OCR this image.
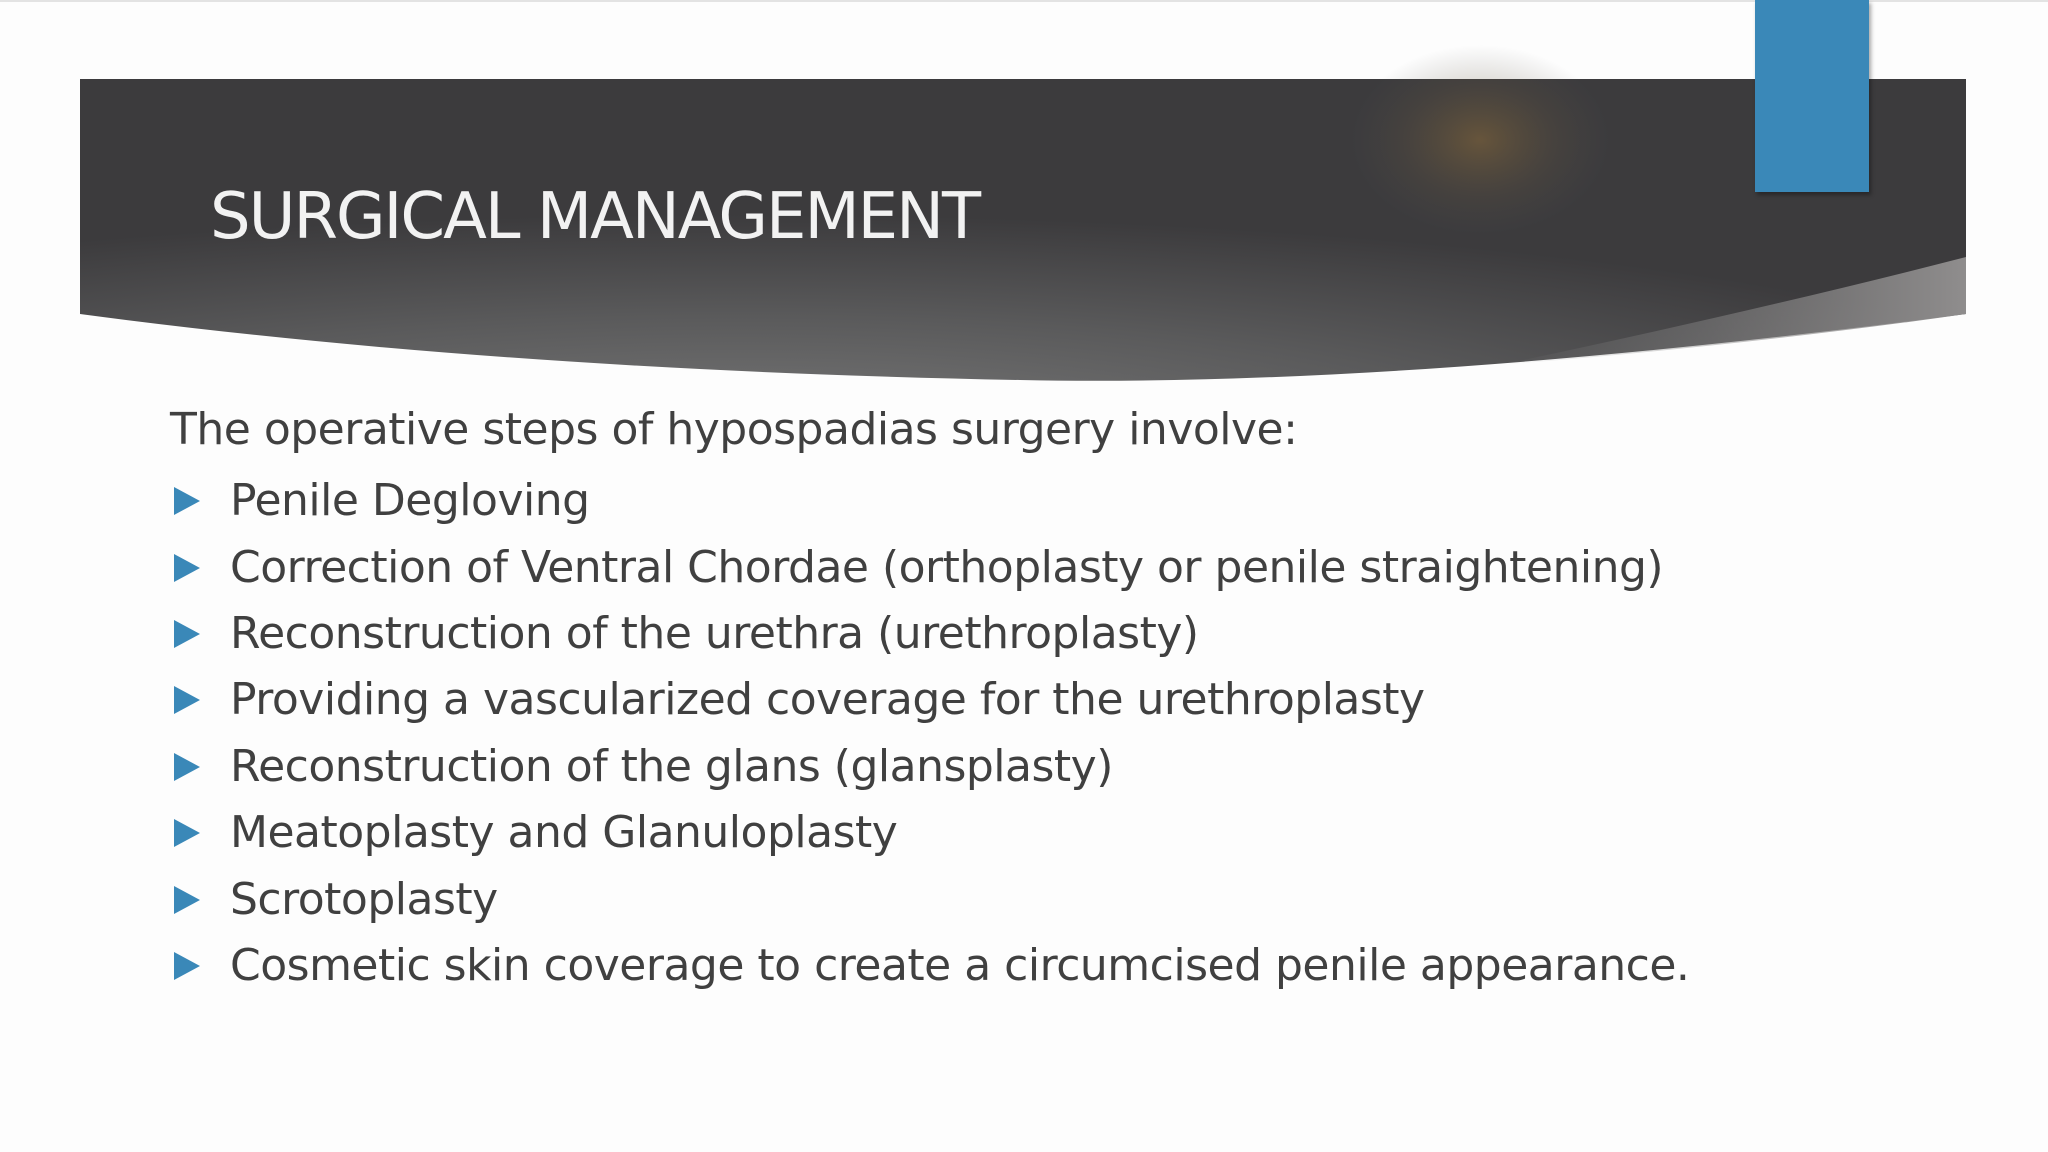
SURGICAL MANAGEMENT

The operative steps of hypospadias surgery involve:

Penile Degloving
Correction of Ventral Chordae (orthoplasty or penile straightening)
Reconstruction of the urethra (urethroplasty)
Providing a vascularized coverage for the urethroplasty
Reconstruction of the glans (glansplasty)
Meatoplasty and Glanuloplasty
Scrotoplasty
Cosmetic skin coverage to create a circumcised penile appearance.
